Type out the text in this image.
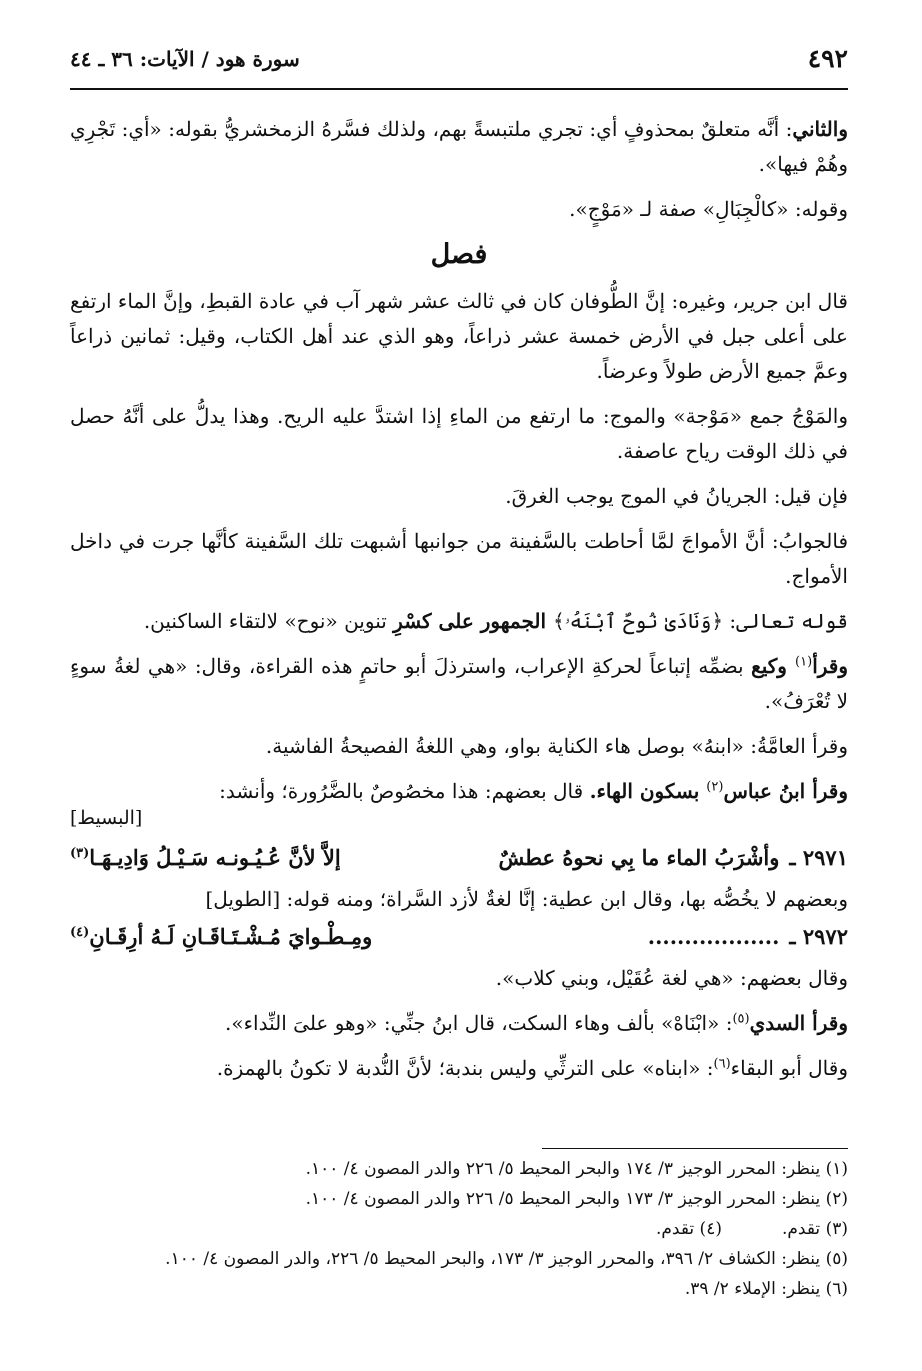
٤٩٢
سورة هود / الآيات: ٣٦ ـ ٤٤

والثاني: أنَّه متعلقٌ بمحذوفٍ أي: تجري ملتبسةً بهم، ولذلك فسَّرهُ الزمخشريُّ بقوله: «أي: تَجْرِي وهُمْ فيها».

وقوله: «كالْجِبَالِ» صفة لـ «مَوْجٍ».

فصل

قال ابن جرير، وغيره: إنَّ الطُّوفان كان في ثالث عشر شهر آب في عادة القبطِ، وإنَّ الماء ارتفع على أعلى جبل في الأرض خمسة عشر ذراعاً، وهو الذي عند أهل الكتاب، وقيل: ثمانين ذراعاً وعمَّ جميع الأرض طولاً وعرضاً.

والمَوْجُ جمع «مَوْجة» والموج: ما ارتفع من الماءِ إذا اشتدَّ عليه الريح. وهذا يدلُّ على أنَّهُ حصل في ذلك الوقت رياح عاصفة.

فإن قيل: الجريانُ في الموج يوجب الغرقَ.

فالجوابُ: أنَّ الأمواجَ لمَّا أحاطت بالسَّفينة من جوانبها أشبهت تلك السَّفينة كأنَّها جرت في داخل الأمواج.

قوله تعالى: ﴿وَنَادَىٰ نُوحٌ ٱبْنَهُۥ﴾ الجمهور على كسْرِ تنوين «نوح» لالتقاء الساكنين.

وقرأ$^{(١)}$ وكيع بضمِّه إتباعاً لحركةِ الإعراب، واسترذلَ أبو حاتمٍ هذه القراءة، وقال: «هي لغةُ سوءٍ لا تُعْرَفُ».

وقرأ العامَّةُ: «ابنهُ» بوصل هاء الكناية بواو، وهي اللغةُ الفصيحةُ الفاشية.

وقرأ ابنُ عباس$^{(٢)}$ بسكون الهاء. قال بعضهم: هذا مخصُوصٌ بالضَّرُورة؛ وأنشد:

[البسيط]

٢٩٧١ ـ
وأشْرَبُ الماء ما بِي نحوهُ عطشٌ
إلاَّ لأنَّ عُـيُـونـه سَـيْـلُ وَادِيـهَـا$^{(٣)}$

وبعضهم لا يخُصُّه بها، وقال ابن عطية: إنَّا لغةٌ لأزد السَّراة؛ ومنه قوله: [الطويل]

٢٩٧٢ ـ
..................
ومِـطْـوايَ مُـشْـتَـاقَـانِ لَـهُ أرِقَـانِ$^{(٤)}$

وقال بعضهم: «هي لغة عُقَيْل، وبني كلاب».

وقرأ السدي$^{(٥)}$: «ابْنَاهْ» بألف وهاء السكت، قال ابنُ جنِّي: «وهو علىَ النِّداء».

وقال أبو البقاء$^{(٦)}$: «ابناه» على الترثِّي وليس بندبة؛ لأنَّ النُّدبة لا تكونُ بالهمزة.

(١) ينظر: المحرر الوجيز ٣/ ١٧٤ والبحر المحيط ٥/ ٢٢٦ والدر المصون ٤/ ١٠٠.

(٢) ينظر: المحرر الوجيز ٣/ ١٧٣ والبحر المحيط ٥/ ٢٢٦ والدر المصون ٤/ ١٠٠.

(٣) تقدم.(٤) تقدم.

(٥) ينظر: الكشاف ٢/ ٣٩٦، والمحرر الوجيز ٣/ ١٧٣، والبحر المحيط ٥/ ٢٢٦، والدر المصون ٤/ ١٠٠.

(٦) ينظر: الإملاء ٢/ ٣٩.
